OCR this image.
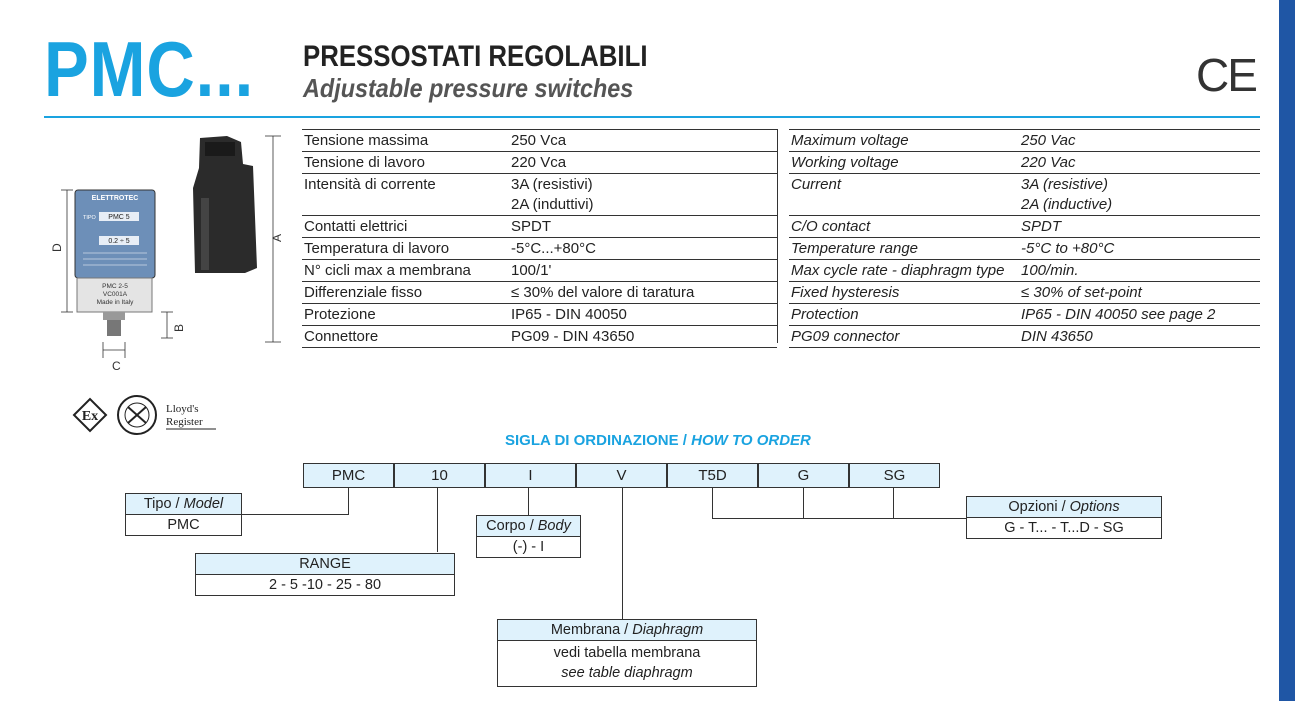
PMC... PRESSOSTATI REGOLABILI
Adjustable pressure switches	CE
ELETTROTEC
TIPO PMC 5
0.2 ÷ 5
PMC 2-5
VC001A
Made in Italy
A
D
B
C
Tensione massima	250 Vca
Tensione di lavoro	220 Vca
Intensità di corrente	3A (resistivi)
2A (induttivi)
Contatti elettrici	SPDT
Temperatura di lavoro	-5°C...+80°C
N° cicli max a membrana	100/1'
Differenziale fisso	≤ 30% del valore di taratura
Protezione	IP65 - DIN 40050
Connettore	PG09 - DIN 43650
Maximum voltage	250 Vac
Working voltage	220 Vac
Current	3A (resistive)
2A (inductive)
C/O contact	SPDT
Temperature range	-5°C to +80°C
Max cycle rate - diaphragm type	100/min.
Fixed hysteresis	≤ 30% of set-point
Protection	IP65 - DIN 40050 see page 2
PG09 connector	DIN 43650
Ex	Lloyd's
Register
SIGLA DI ORDINAZIONE / HOW TO ORDER
PMC	10	I	V	T5D	G	SG
Tipo / Model
PMC
RANGE
2 - 5 -10 - 25 - 80
Corpo / Body
(-) - I
Membrana / Diaphragm
vedi tabella membrana
see table diaphragm
Opzioni / Options
G - T... - T...D - SG
